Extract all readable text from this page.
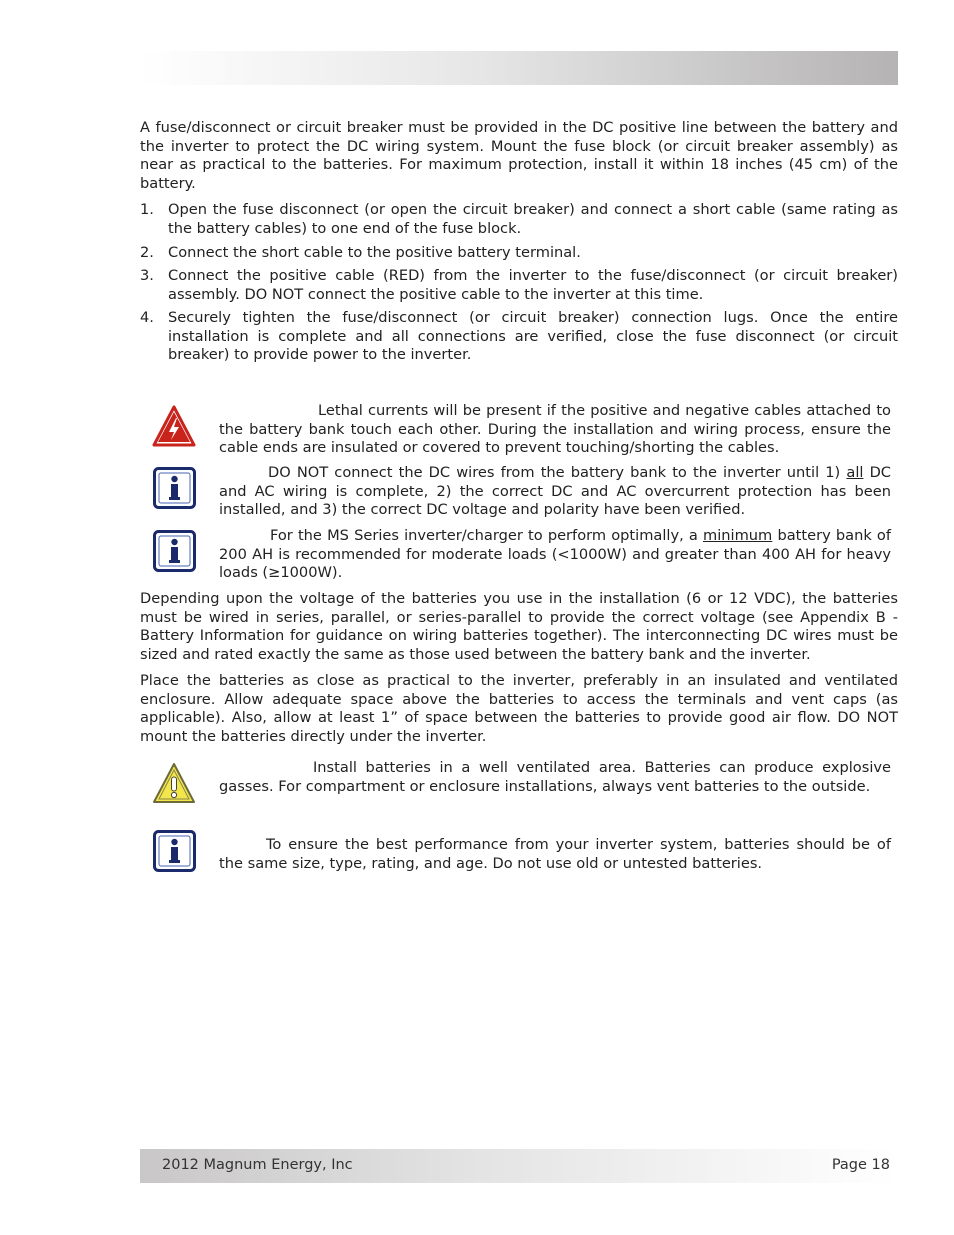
A fuse/disconnect or circuit breaker must be provided in the DC positive line between the battery and the inverter to protect the DC wiring system. Mount the fuse block (or circuit breaker assembly) as near as practical to the batteries. For maximum protection, install it within 18 inches (45 cm) of the battery.

1. Open the fuse disconnect (or open the circuit breaker) and connect a short cable (same rating as the battery cables) to one end of the fuse block.
2. Connect the short cable to the positive battery terminal.
3. Connect the positive cable (RED) from the inverter to the fuse/disconnect (or circuit breaker) assembly. DO NOT connect the positive cable to the inverter at this time.
4. Securely tighten the fuse/disconnect (or circuit breaker) connection lugs. Once the entire installation is complete and all connections are verified, close the fuse disconnect (or circuit breaker) to provide power to the inverter.
Lethal currents will be present if the positive and negative cables attached to the battery bank touch each other. During the installation and wiring process, ensure the cable ends are insulated or covered to prevent touching/shorting the cables.
DO NOT connect the DC wires from the battery bank to the inverter until 1) all DC and AC wiring is complete, 2) the correct DC and AC overcurrent protection has been installed, and 3) the correct DC voltage and polarity have been verified.
For the MS Series inverter/charger to perform optimally, a minimum battery bank of 200 AH is recommended for moderate loads (<1000W) and greater than 400 AH for heavy loads (≥1000W).

Depending upon the voltage of the batteries you use in the installation (6 or 12 VDC), the batteries must be wired in series, parallel, or series-parallel to provide the correct voltage (see Appendix B - Battery Information for guidance on wiring batteries together). The interconnecting DC wires must be sized and rated exactly the same as those used between the battery bank and the inverter.

Place the batteries as close as practical to the inverter, preferably in an insulated and ventilated enclosure. Allow adequate space above the batteries to access the terminals and vent caps (as applicable). Also, allow at least 1” of space between the batteries to provide good air flow. DO NOT mount the batteries directly under the inverter.

Install batteries in a well ventilated area. Batteries can produce explosive gasses. For compartment or enclosure installations, always vent batteries to the outside.
To ensure the best performance from your inverter system, batteries should be of the same size, type, rating, and age. Do not use old or untested batteries.
2012 Magnum Energy, Inc	Page 18
